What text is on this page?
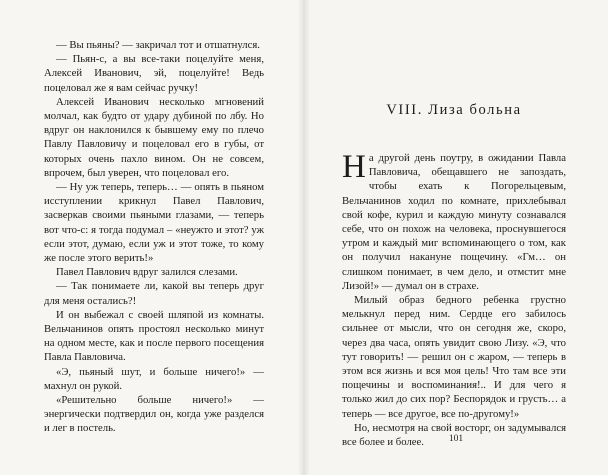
— Вы пьяны? — закричал тот и отшатнулся.

— Пьян-с, а вы все-таки поцелуйте меня, Алексей Иванович, эй, поцелуйте! Ведь поцеловал же я вам сейчас ручку!

Алексей Иванович несколько мгновений молчал, как будто от удару дубиной по лбу. Но вдруг он наклонился к бывшему ему по плечо Павлу Павловичу и поцеловал его в губы, от которых очень пахло вином. Он не совсем, впрочем, был уверен, что поцеловал его.

— Ну уж теперь, теперь… — опять в пьяном исступлении крикнул Павел Павлович, засверкав своими пьяными глазами, — теперь вот что-с: я тогда подумал – «неужто и этот? уж если этот, думаю, если уж и этот тоже, то кому же после этого верить!»

Павел Павлович вдруг залился слезами.

— Так понимаете ли, какой вы теперь друг для меня остались?!

И он выбежал с своей шляпой из комнаты. Вельчанинов опять простоял несколько минут на одном месте, как и после первого посещения Павла Павловича.

«Э, пьяный шут, и больше ничего!» — махнул он рукой.

«Решительно больше ничего!» — энергически подтвердил он, когда уже разделся и лег в постель.

VIII. Лиза больна

На другой день поутру, в ожидании Павла Павловича, обещавшего не запоздать, чтобы ехать к Погорельцевым, Вельчанинов ходил по комнате, прихлебывал свой кофе, курил и каждую минуту сознавался себе, что он похож на человека, проснувшегося утром и каждый миг вспоминающего о том, как он получил накануне пощечину. «Гм… он слишком понимает, в чем дело, и отмстит мне Лизой!» — думал он в страхе.

Милый образ бедного ребенка грустно мелькнул перед ним. Сердце его забилось сильнее от мысли, что он сегодня же, скоро, через два часа, опять увидит свою Лизу. «Э, что тут говорить! — решил он с жаром, — теперь в этом вся жизнь и вся моя цель! Что там все эти пощечины и воспоминания!.. И для чего я только жил до сих пор? Беспорядок и грусть… а теперь — все другое, все по-другому!»

Но, несмотря на свой восторг, он задумывался все более и более.	101
